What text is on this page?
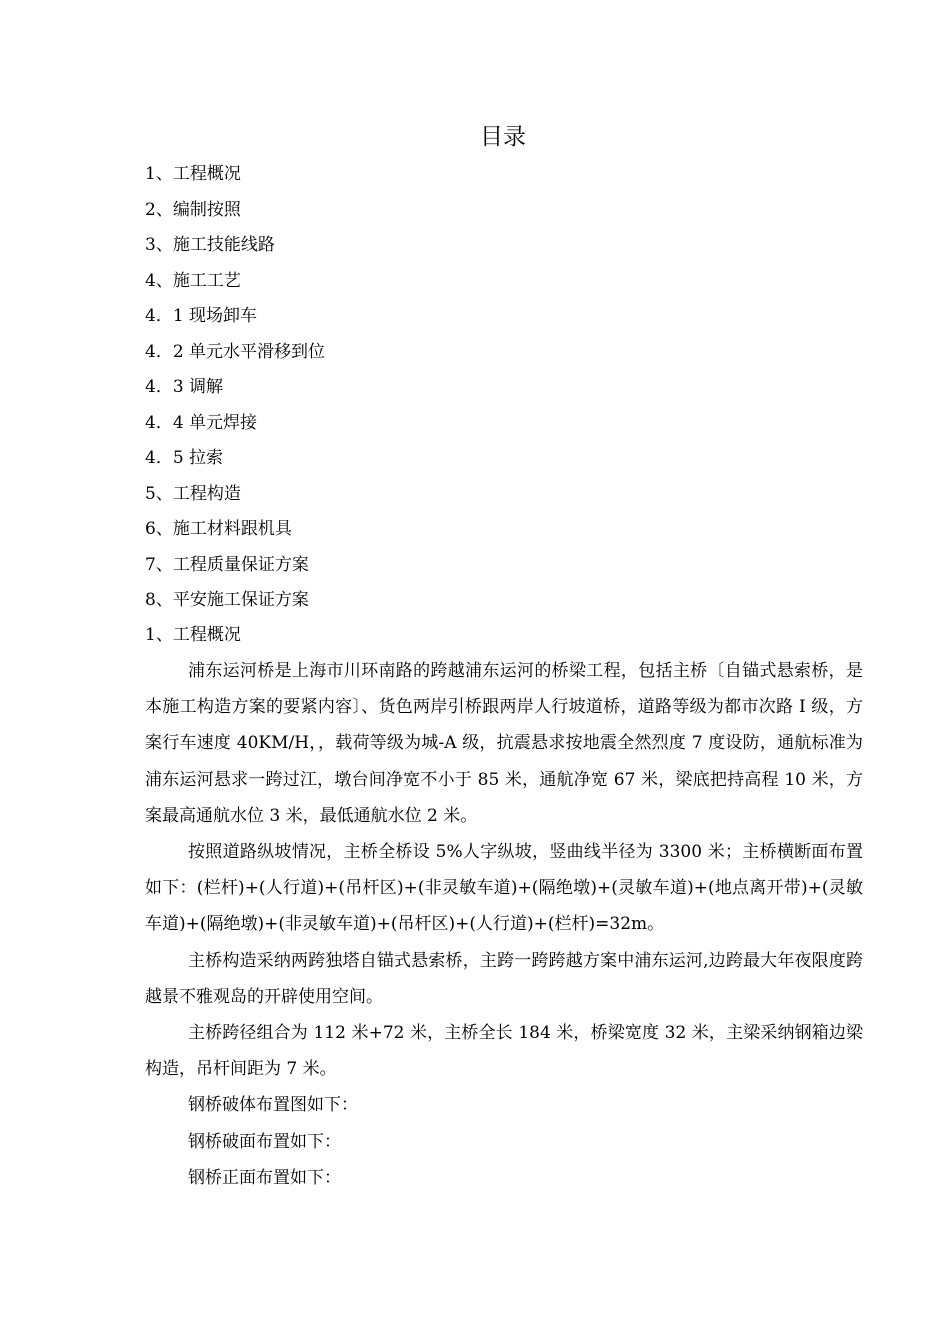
目录
1、工程概况
2、编制按照
3、施工技能线路
4、施工工艺
4．1 现场卸车
4．2 单元水平滑移到位
4．3 调解
4．4 单元焊接
4．5 拉索
5、工程构造
6、施工材料跟机具
7、工程质量保证方案
8、平安施工保证方案
1、工程概况

浦东运河桥是上海市川环南路的跨越浦东运河的桥梁工程，包括主桥〔自锚式悬索桥，是本施工构造方案的要紧内容〕、货色两岸引桥跟两岸人行坡道桥，道路等级为都市次路 I 级，方案行车速度 40KM/H，，载荷等级为城-A 级，抗震悬求按地震全然烈度 7 度设防，通航标准为浦东运河悬求一跨过江，墩台间净宽不小于 85 米，通航净宽 67 米，梁底把持高程 10 米，方案最高通航水位 3 米，最低通航水位 2 米。

按照道路纵坡情况，主桥全桥设 5%人字纵坡，竖曲线半径为 3300 米；主桥横断面布置如下：(栏杆)+(人行道)+(吊杆区)+(非灵敏车道)+(隔绝墩)+(灵敏车道)+(地点离开带)+(灵敏车道)+(隔绝墩)+(非灵敏车道)+(吊杆区)+(人行道)+(栏杆)=32m。

主桥构造采纳两跨独塔自锚式悬索桥，主跨一跨跨越方案中浦东运河,边跨最大年夜限度跨越景不雅观岛的开辟使用空间。

主桥跨径组合为 112 米+72 米，主桥全长 184 米，桥梁宽度 32 米，主梁采纳钢箱边梁构造，吊杆间距为 7 米。

钢桥破体布置图如下：

钢桥破面布置如下：

钢桥正面布置如下：
